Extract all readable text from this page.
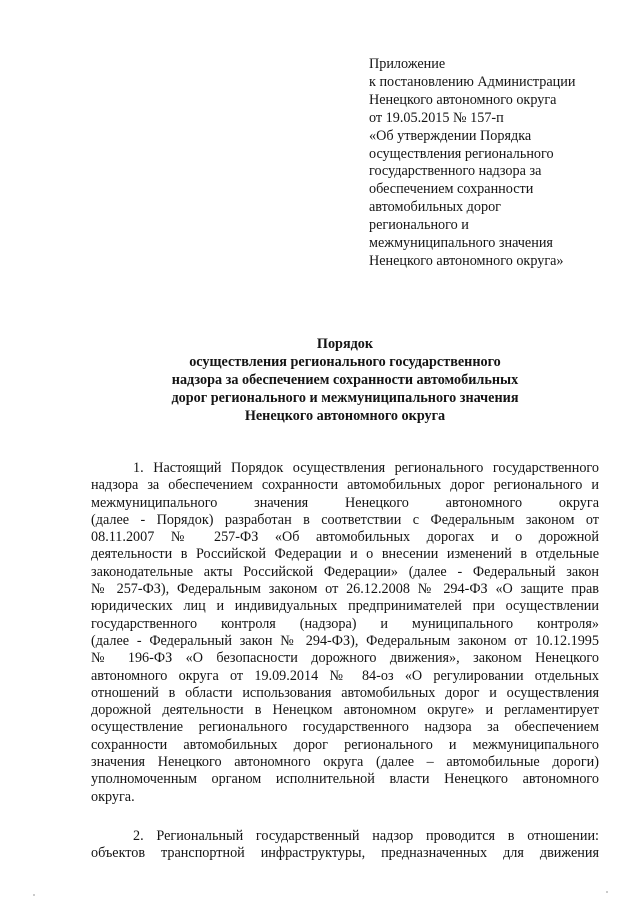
Приложение
к постановлению Администрации
Ненецкого автономного округа
от 19.05.2015 № 157-п
«Об утверждении Порядка
осуществления регионального
государственного надзора за
обеспечением сохранности
автомобильных дорог
регионального и
межмуниципального значения
Ненецкого автономного округа»
Порядок
осуществления регионального государственного
надзора за обеспечением сохранности автомобильных
дорог регионального и межмуниципального значения
Ненецкого автономного округа
1. Настоящий Порядок осуществления регионального государственного
надзора за обеспечением сохранности автомобильных дорог регионального и
межмуниципального значения Ненецкого автономного округа
(далее - Порядок) разработан в соответствии с Федеральным законом от
08.11.2007 № 257-ФЗ «Об автомобильных дорогах и о дорожной
деятельности в Российской Федерации и о внесении изменений в отдельные
законодательные акты Российской Федерации» (далее - Федеральный закон
№ 257-ФЗ), Федеральным законом от 26.12.2008 № 294-ФЗ «О защите прав
юридических лиц и индивидуальных предпринимателей при осуществлении
государственного контроля (надзора) и муниципального контроля»
(далее - Федеральный закон № 294-ФЗ), Федеральным законом от 10.12.1995
№ 196-ФЗ «О безопасности дорожного движения», законом Ненецкого
автономного округа от 19.09.2014 № 84-оз «О регулировании отдельных
отношений в области использования автомобильных дорог и осуществления
дорожной деятельности в Ненецком автономном округе» и регламентирует
осуществление регионального государственного надзора за обеспечением
сохранности автомобильных дорог регионального и межмуниципального
значения Ненецкого автономного округа (далее – автомобильные дороги)
уполномоченным органом исполнительной власти Ненецкого автономного
округа.
2. Региональный государственный надзор проводится в отношении:
объектов транспортной инфраструктуры, предназначенных для движения
